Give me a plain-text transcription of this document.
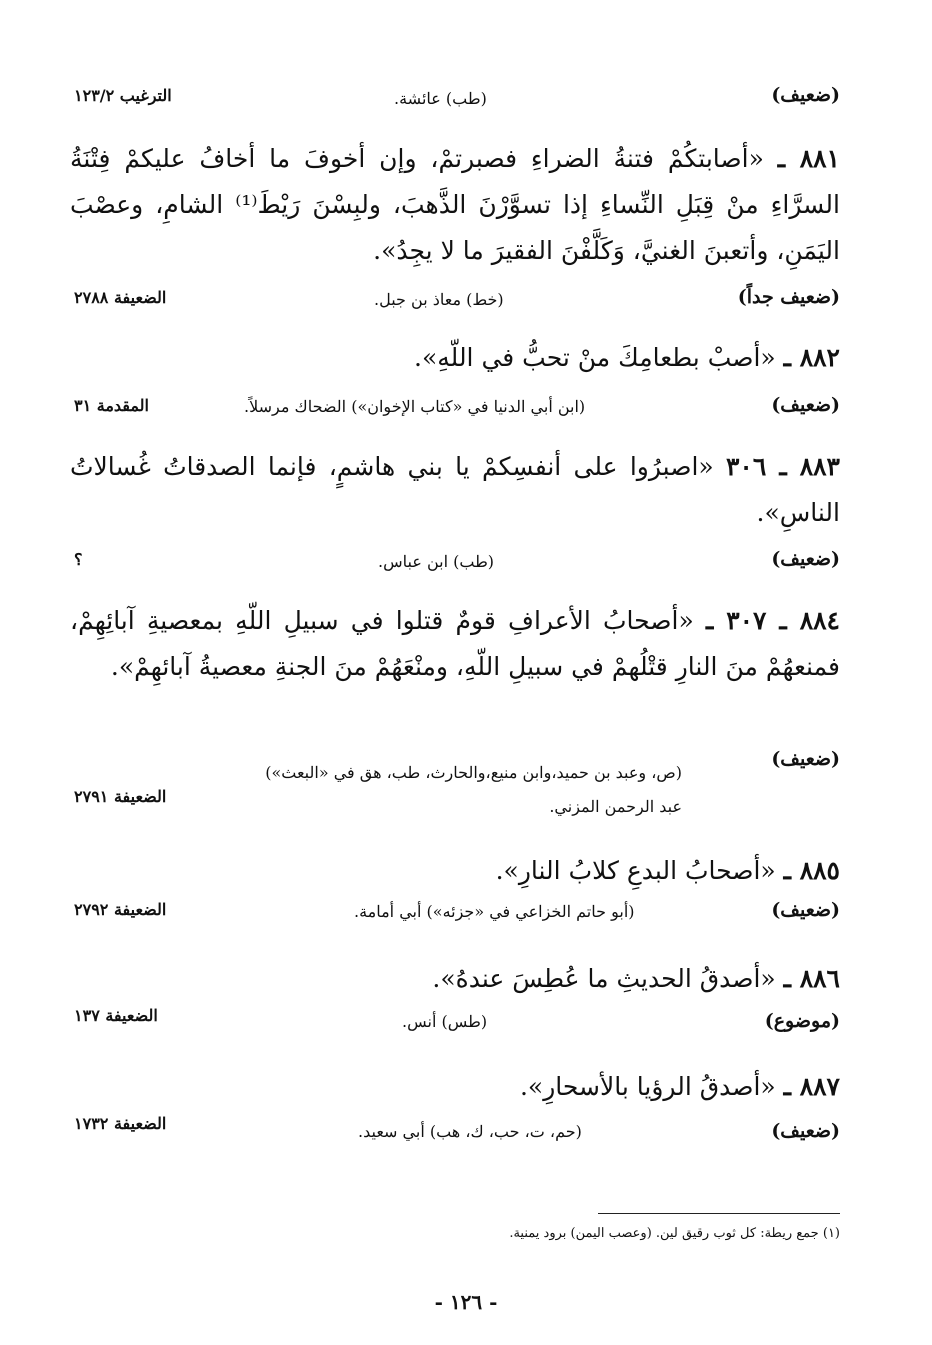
(ضعيف)
(طب) عائشة.
الترغيب ١٢٣/٢
٨٨١ ـ «أصابتكُمْ فتنةُ الضراءِ فصبرتمْ، وإن أخوفَ ما أخافُ عليكمْ فِتْنَةُ السرَّاءِ منْ قِبَلِ النِّساءِ إذا تسوَّرْنَ الذَّهبَ، ولبِسْنَ رَيْطَ⁽¹⁾ الشامِ، وعصْبَ اليَمَنِ، وأتعبنَ الغنيَّ، وَكَلَّفْنَ الفقيرَ ما لا يجِدُ».
(ضعيف جداً)
(خط) معاذ بن جبل.
الضعيفة ٢٧٨٨
٨٨٢ ـ «أصبْ بطعامِكَ منْ تحبُّ في اللّهِ».
(ضعيف)
(ابن أبي الدنيا في «كتاب الإخوان») الضحاك مرسلاً.
المقدمة ٣١
٨٨٣ ـ ٣٠٦ «اصبرُوا على أنفسِكمْ يا بني هاشمٍ، فإنما الصدقاتُ غُسالاتُ الناسِ».
(ضعيف)
(طب) ابن عباس.
؟
٨٨٤ ـ ٣٠٧ ـ «أصحابُ الأعرافِ قومٌ قتلوا في سبيلِ اللّهِ بمعصيةِ آبائِهِمْ، فمنعهُمْ منَ النارِ قتْلُهمْ في سبيلِ اللّهِ، ومنْعَهُمْ منَ الجنةِ معصيةُ آبائهِمْ».
(ضعيف)
(ص، وعبد بن حميد،وابن منيع،والحارث، طب، هق في «البعث») عبد الرحمن المزني.
الضعيفة ٢٧٩١
٨٨٥ ـ «أصحابُ البدعِ كلابُ النارِ».
(ضعيف)
(أبو حاتم الخزاعي في «جزئه») أبي أمامة.
الضعيفة ٢٧٩٢
٨٨٦ ـ «أصدقُ الحديثِ ما عُطِسَ عندهُ».
(موضوع)
(طس) أنس.
الضعيفة ١٣٧
٨٨٧ ـ «أصدقُ الرؤيا بالأسحارِ».
(ضعيف)
(حم، ت، حب، ك، هب) أبي سعيد.
الضعيفة ١٧٣٢
(١) جمع ريطة: كل ثوب رقيق لين. (وعصب اليمن) برود يمنية.
- ١٢٦ -
